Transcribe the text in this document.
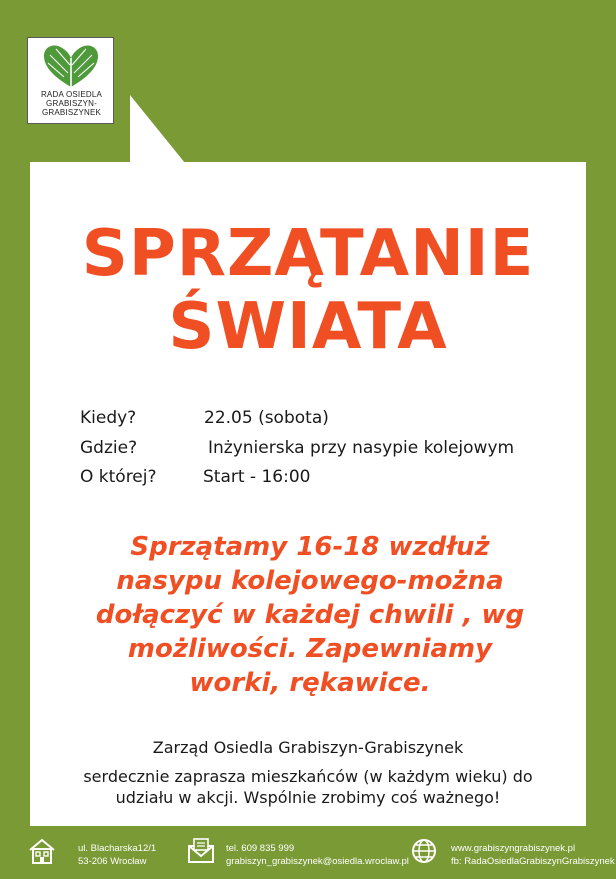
RADA OSIEDLA
GRABISZYN-
GRABISZYNEK
SPRZĄTANIE
ŚWIATA
Kiedy?	22.05 (sobota)
Gdzie?	Inżynierska przy nasypie kolejowym
O której?	Start - 16:00
Sprzątamy 16-18 wzdłuż
nasypu kolejowego-można
dołączyć w każdej chwili , wg
możliwości. Zapewniamy
worki, rękawice.
Zarząd Osiedla Grabiszyn-Grabiszynek
serdecznie zaprasza mieszkańców (w każdym wieku) do
udziału w akcji. Wspólnie zrobimy coś ważnego!
ul. Blacharska12/1
53-206 Wrocław
tel. 609 835 999
grabiszyn_grabiszynek@osiedla.wroclaw.pl
www.grabiszyngrabiszynek.pl
fb: RadaOsiedlaGrabiszynGrabiszynek
